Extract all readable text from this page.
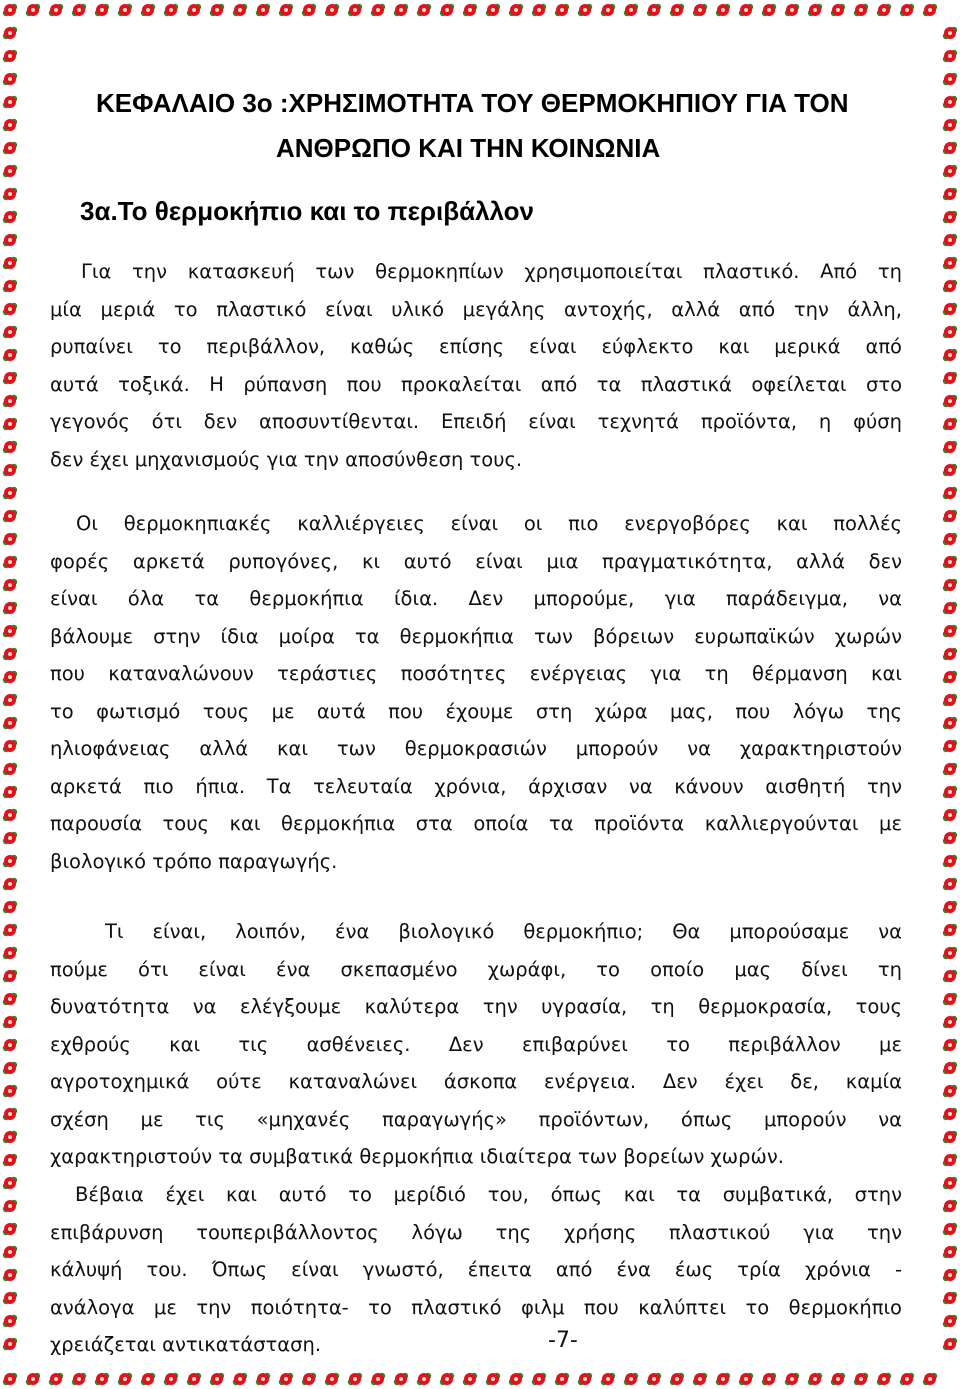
ΚΕΦΑΛΑΙΟ 3ο :ΧΡΗΣΙΜΟΤΗΤΑ ΤΟΥ ΘΕΡΜΟΚΗΠΙΟΥ ΓΙΑ ΤΟΝ

ΑΝΘΡΩΠΟ ΚΑΙ ΤΗΝ ΚΟΙΝΩΝΙΑ

3α.Το θερμοκήπιο και το περιβάλλον

Για την κατασκευή των θερμοκηπίων χρησιμοποιείται πλαστικό. Από τη
μία μεριά το πλαστικό είναι υλικό μεγάλης αντοχής, αλλά από την άλλη,
ρυπαίνει το περιβάλλον, καθώς επίσης είναι εύφλεκτο και μερικά από
αυτά τοξικά. Η ρύπανση που προκαλείται από τα πλαστικά οφείλεται στο
γεγονός ότι δεν αποσυντίθενται. Επειδή είναι τεχνητά προϊόντα, η φύση
δεν έχει μηχανισμούς για την αποσύνθεση τους.
Οι θερμοκηπιακές καλλιέργειες είναι οι πιο ενεργοβόρες και πολλές
φορές αρκετά ρυπογόνες, κι αυτό είναι μια πραγματικότητα, αλλά δεν
είναι όλα τα θερμοκήπια ίδια. Δεν μπορούμε, για παράδειγμα, να
βάλουμε στην ίδια μοίρα τα θερμοκήπια των βόρειων ευρωπαϊκών χωρών
που καταναλώνουν τεράστιες ποσότητες ενέργειας για τη θέρμανση και
το φωτισμό τους με αυτά που έχουμε στη χώρα μας, που λόγω της
ηλιοφάνειας αλλά και των θερμοκρασιών μπορούν να χαρακτηριστούν
αρκετά πιο ήπια. Τα τελευταία χρόνια, άρχισαν να κάνουν αισθητή την
παρουσία τους και θερμοκήπια στα οποία τα προϊόντα καλλιεργούνται με
βιολογικό τρόπο παραγωγής.
Τι είναι, λοιπόν, ένα βιολογικό θερμοκήπιο; Θα μπορούσαμε να
πούμε ότι είναι ένα σκεπασμένο χωράφι, το οποίο μας δίνει τη
δυνατότητα να ελέγξουμε καλύτερα την υγρασία, τη θερμοκρασία, τους
εχθρούς και τις ασθένειες. Δεν επιβαρύνει το περιβάλλον με
αγροτοχημικά ούτε καταναλώνει άσκοπα ενέργεια. Δεν έχει δε, καμία
σχέση με τις «μηχανές παραγωγής» προϊόντων, όπως μπορούν να
χαρακτηριστούν τα συμβατικά θερμοκήπια ιδιαίτερα των βορείων χωρών.
Βέβαια έχει και αυτό το μερίδιό του, όπως και τα συμβατικά, στην
επιβάρυνση τουπεριβάλλοντος λόγω της χρήσης πλαστικού για την
κάλυψή του. Όπως είναι γνωστό, έπειτα από ένα έως τρία χρόνια -
ανάλογα με την ποιότητα- το πλαστικό φιλμ που καλύπτει το θερμοκήπιο
χρειάζεται αντικατάσταση.	-7-
